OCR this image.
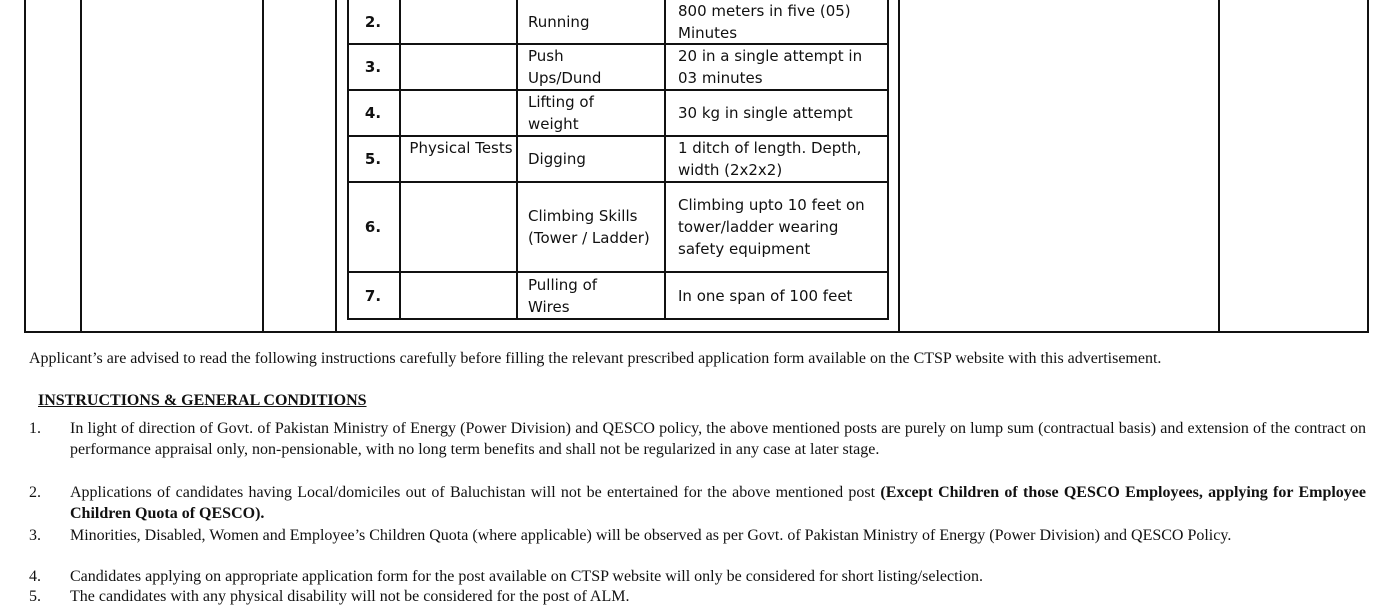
Physical Tests
2.	Running
800 meters in five (05) Minutes
3.
Push Ups/Dund
20 in a single attempt in 03 minutes
4.
Lifting of weight
30 kg in single attempt
5.	Digging
1 ditch of length. Depth, width (2x2x2)
6.
Climbing Skills (Tower / Ladder)
Climbing upto 10 feet on tower/ladder wearing safety equipment
7.
Pulling of Wires
In one span of 100 feet
Applicant’s are advised to read the following instructions carefully before filling the relevant prescribed application form available on the CTSP website with this advertisement.
INSTRUCTIONS & GENERAL CONDITIONS
1. In light of direction of Govt. of Pakistan Ministry of Energy (Power Division) and QESCO policy, the above mentioned posts are purely on lump sum (contractual basis) and extension of the contract on performance appraisal only, non-pensionable, with no long term benefits and shall not be regularized in any case at later stage.
2. Applications of candidates having Local/domiciles out of Baluchistan will not be entertained for the above mentioned post (Except Children of those QESCO Employees, applying for Employee Children Quota of QESCO).
3. Minorities, Disabled, Women and Employee’s Children Quota (where applicable) will be observed as per Govt. of Pakistan Ministry of Energy (Power Division) and QESCO Policy.
4. Candidates applying on appropriate application form for the post available on CTSP website will only be considered for short listing/selection.
5. The candidates with any physical disability will not be considered for the post of ALM.
